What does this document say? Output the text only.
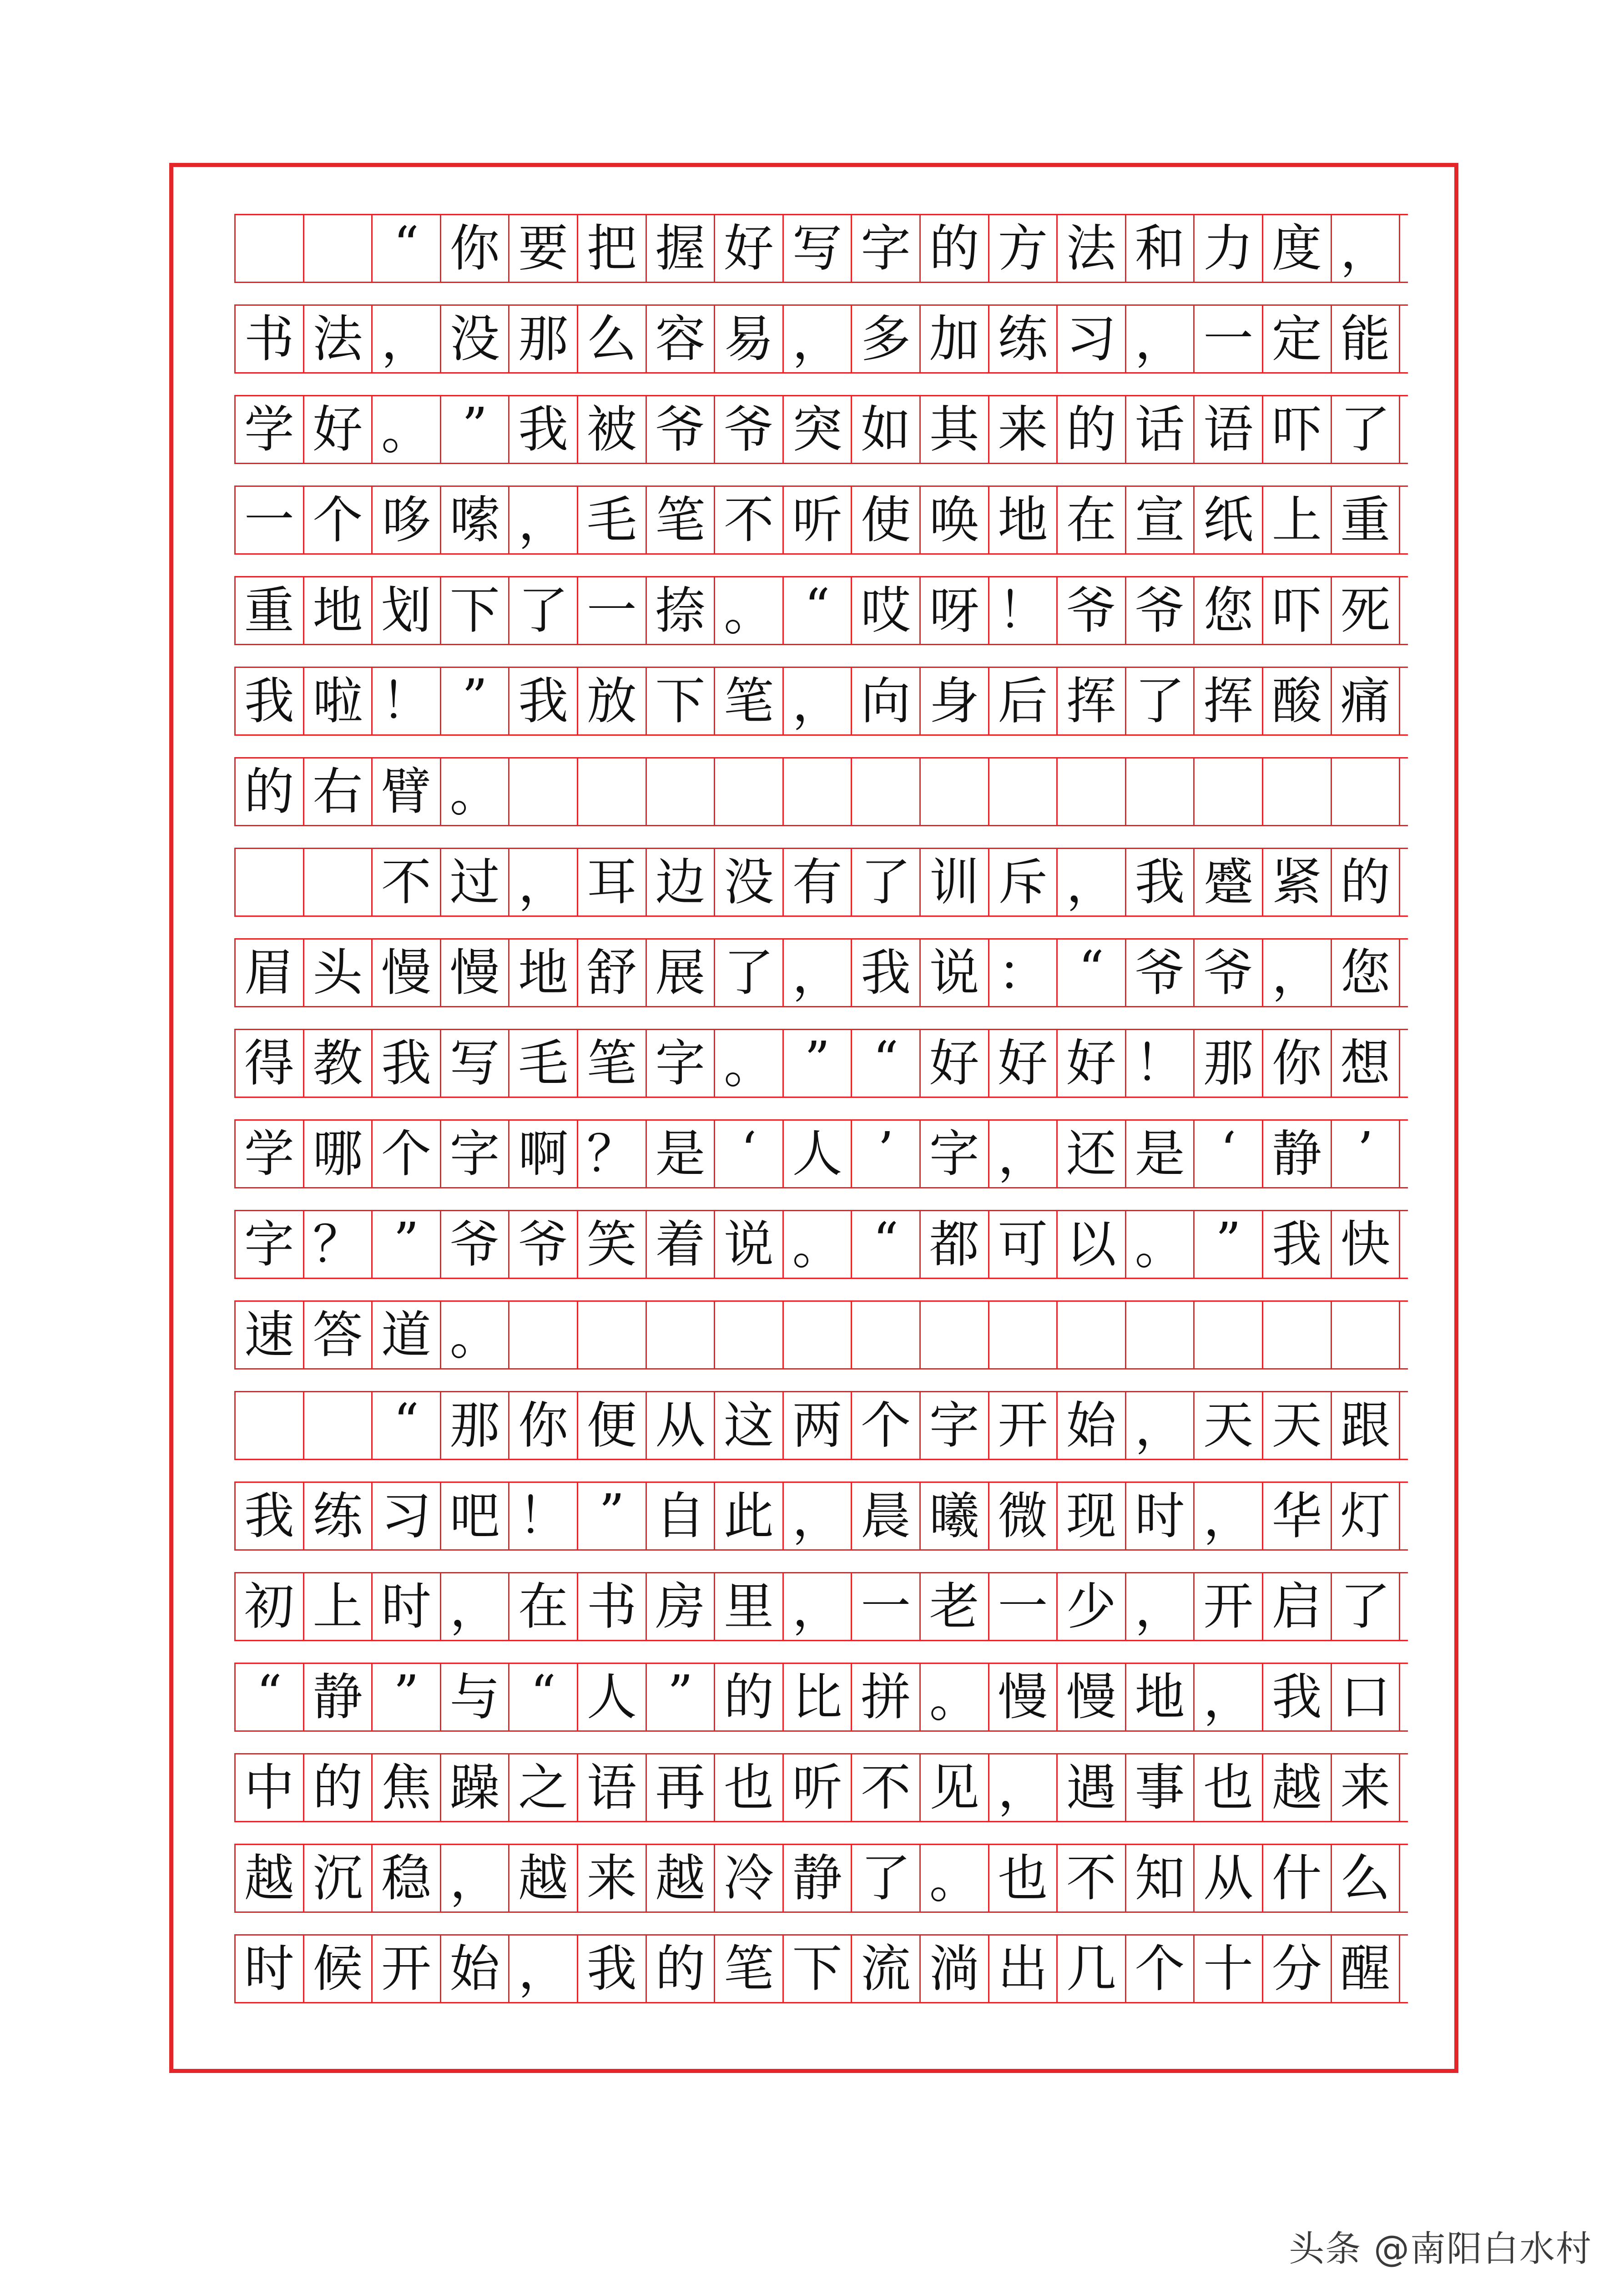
“ 你 要 把 握 好 写 字 的 方 法 和 力 度 ，
书 法 ， 没 那 么 容 易 ， 多 加 练 习 ， 一 定 能
学 好 。 ” 我 被 爷 爷 突 如 其 来 的 话 语 吓 了
一 个 哆 嗦 ， 毛 笔 不 听 使 唤 地 在 宣 纸 上 重
重 地 划 下 了 一 捺 。 “ 哎 呀 ！ 爷 爷 您 吓 死
我 啦 ！ ” 我 放 下 笔 ， 向 身 后 挥 了 挥 酸 痛
的 右 臂 。
不 过 ， 耳 边 没 有 了 训 斥 ， 我 蹙 紧 的
眉 头 慢 慢 地 舒 展 了 ， 我 说 ： “ 爷 爷 ， 您
得 教 我 写 毛 笔 字 。 ” “ 好 好 好 ！ 那 你 想
学 哪 个 字 啊 ？ 是 ‘ 人 ’ 字 ， 还 是 ‘ 静 ’
字 ？ ” 爷 爷 笑 着 说 。 “ 都 可 以 。 ” 我 快
速 答 道 。
“ 那 你 便 从 这 两 个 字 开 始 ， 天 天 跟
我 练 习 吧 ！ ” 自 此 ， 晨 曦 微 现 时 ， 华 灯
初 上 时 ， 在 书 房 里 ， 一 老 一 少 ， 开 启 了
“ 静 ” 与 “ 人 ” 的 比 拼 。 慢 慢 地 ， 我 口
中 的 焦 躁 之 语 再 也 听 不 见 ， 遇 事 也 越 来
越 沉 稳 ， 越 来 越 冷 静 了 。 也 不 知 从 什 么
时 候 开 始 ， 我 的 笔 下 流 淌 出 几 个 十 分 醒
头条 @南阳白水村
